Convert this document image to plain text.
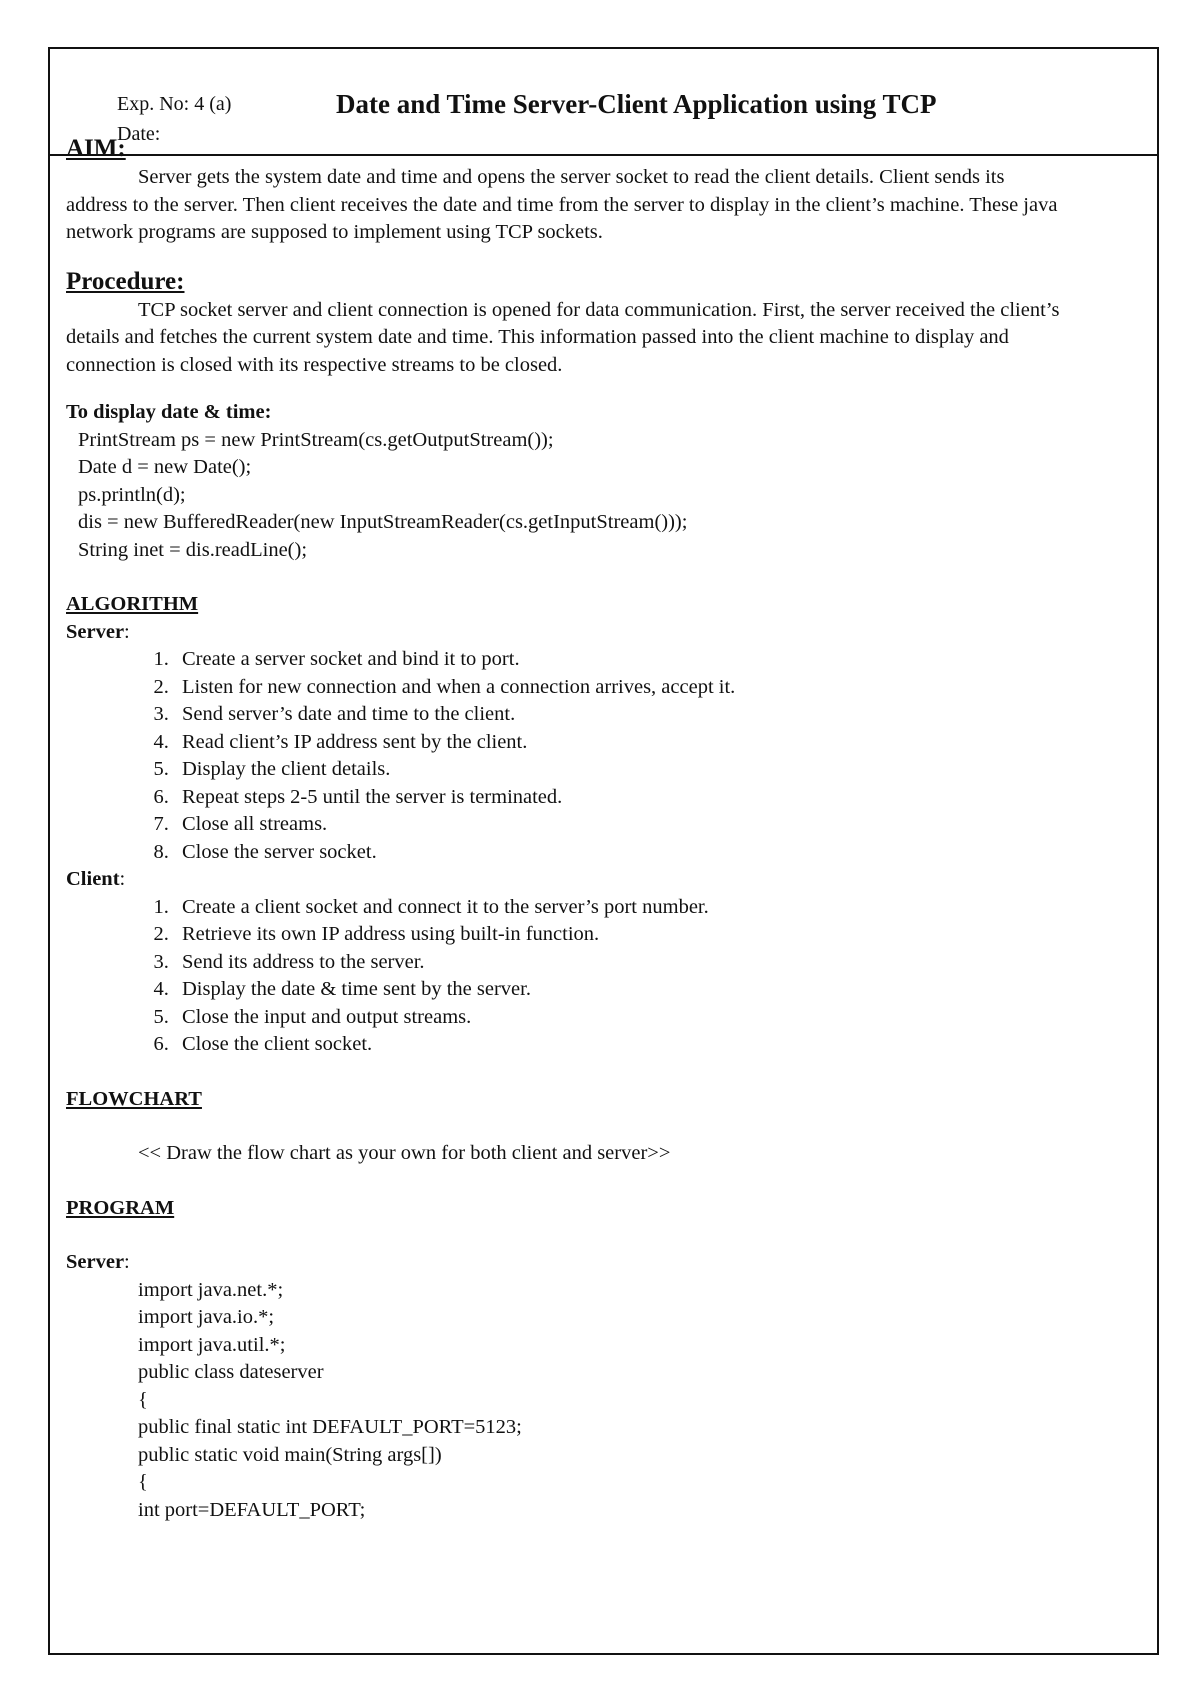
Exp. No: 4 (a)
Date:
Date and Time Server-Client Application using TCP
AIM:

Server gets the system date and time and opens the server socket to read the client details. Client sends its address to the server. Then client receives the date and time from the server to display in the client’s machine. These java network programs are supposed to implement using TCP sockets.

Procedure:

TCP socket server and client connection is opened for data communication. First, the server received the client’s details and fetches the current system date and time. This information passed into the client machine to display and connection is closed with its respective streams to be closed.

To display date & time:
PrintStream ps = new PrintStream(cs.getOutputStream());
Date d = new Date();
ps.println(d);
dis = new BufferedReader(new InputStreamReader(cs.getInputStream()));
String inet = dis.readLine();
ALGORITHM
Server:
1. Create a server socket and bind it to port.
2. Listen for new connection and when a connection arrives, accept it.
3. Send server’s date and time to the client.
4. Read client’s IP address sent by the client.
5. Display the client details.
6. Repeat steps 2-5 until the server is terminated.
7. Close all streams.
8. Close the server socket.
Client:
1. Create a client socket and connect it to the server’s port number.
2. Retrieve its own IP address using built-in function.
3. Send its address to the server.
4. Display the date & time sent by the server.
5. Close the input and output streams.
6. Close the client socket.
FLOWCHART
<< Draw the flow chart as your own for both client and server>>
PROGRAM
Server:
import java.net.*;
import java.io.*;
import java.util.*;
public class dateserver
{
public final static int DEFAULT_PORT=5123;
public static void main(String args[])
{
int port=DEFAULT_PORT;
